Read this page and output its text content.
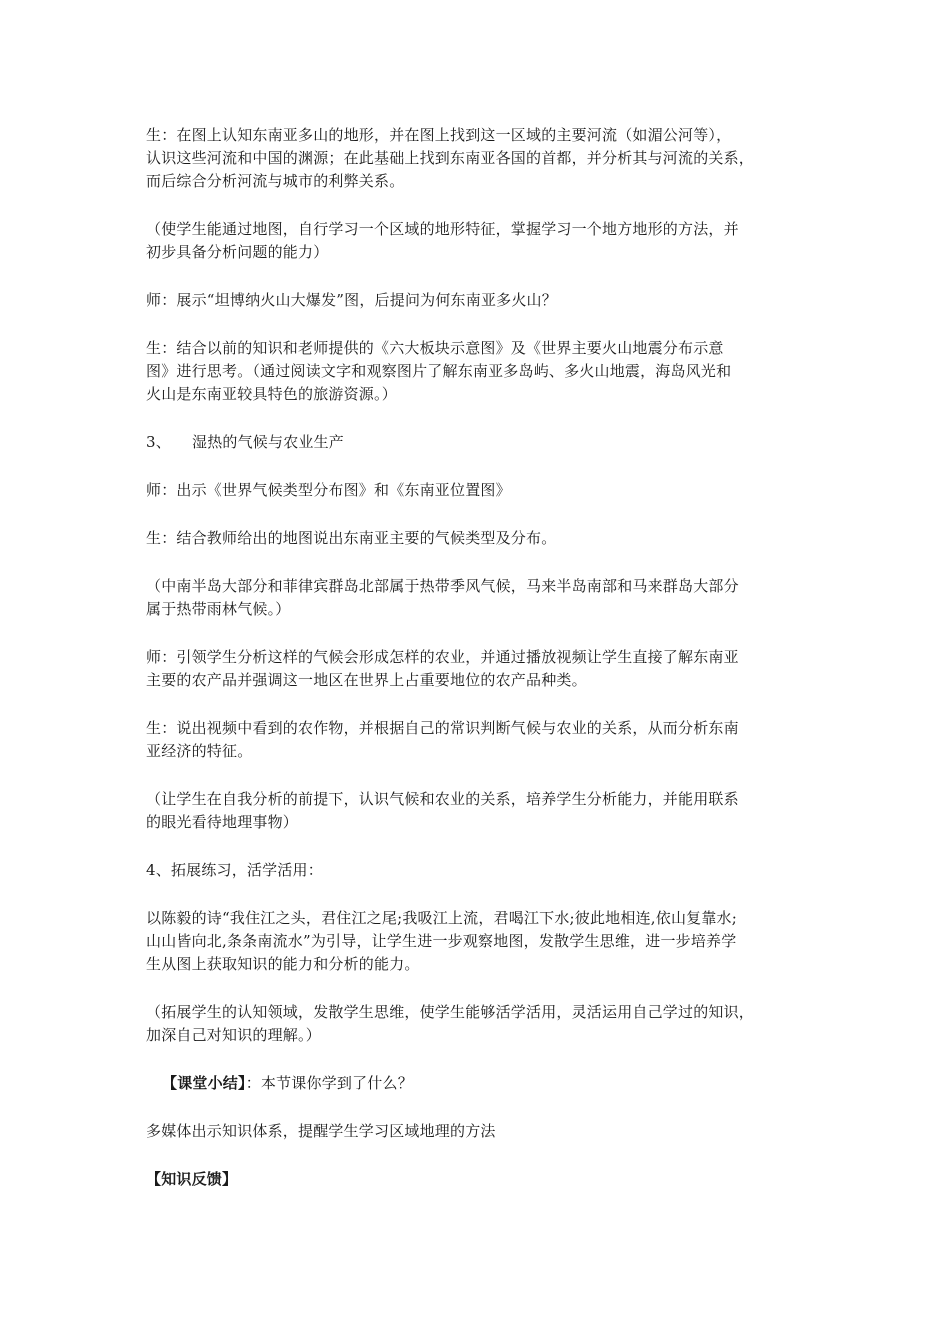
生：在图上认知东南亚多山的地形，并在图上找到这一区域的主要河流（如湄公河等），
认识这些河流和中国的渊源；在此基础上找到东南亚各国的首都，并分析其与河流的关系，
而后综合分析河流与城市的利弊关系。
（使学生能通过地图，自行学习一个区域的地形特征，掌握学习一个地方地形的方法，并
初步具备分析问题的能力）
师：展示“坦博纳火山大爆发”图，后提问为何东南亚多火山？
生：结合以前的知识和老师提供的《六大板块示意图》及《世界主要火山地震分布示意
图》进行思考。（通过阅读文字和观察图片了解东南亚多岛屿、多火山地震，海岛风光和
火山是东南亚较具特色的旅游资源。）
3、 湿热的气候与农业生产
师：出示《世界气候类型分布图》和《东南亚位置图》
生：结合教师给出的地图说出东南亚主要的气候类型及分布。
（中南半岛大部分和菲律宾群岛北部属于热带季风气候，马来半岛南部和马来群岛大部分
属于热带雨林气候。）
师：引领学生分析这样的气候会形成怎样的农业，并通过播放视频让学生直接了解东南亚
主要的农产品并强调这一地区在世界上占重要地位的农产品种类。
生：说出视频中看到的农作物，并根据自己的常识判断气候与农业的关系，从而分析东南
亚经济的特征。
（让学生在自我分析的前提下，认识气候和农业的关系，培养学生分析能力，并能用联系
的眼光看待地理事物）
4、拓展练习，活学活用：
以陈毅的诗“我住江之头，君住江之尾;我吸江上流，君喝江下水;彼此地相连,依山复靠水;
山山皆向北,条条南流水”为引导，让学生进一步观察地图，发散学生思维，进一步培养学
生从图上获取知识的能力和分析的能力。
（拓展学生的认知领域，发散学生思维，使学生能够活学活用，灵活运用自己学过的知识，
加深自己对知识的理解。）
【课堂小结】：本节课你学到了什么？
多媒体出示知识体系，提醒学生学习区域地理的方法
【知识反馈】
